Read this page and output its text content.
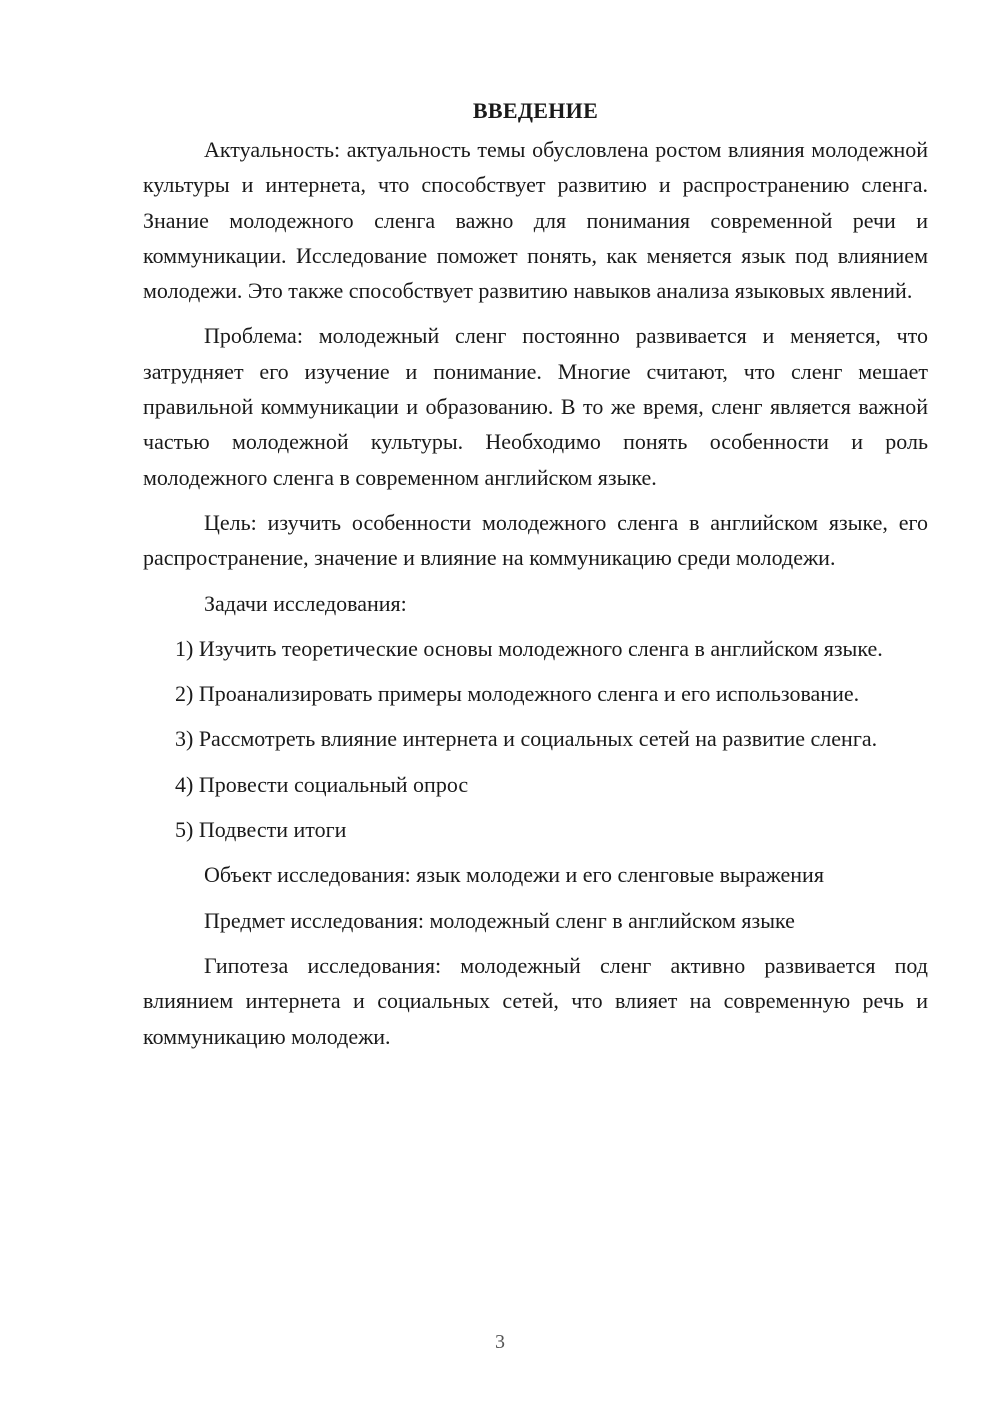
ВВЕДЕНИЕ

Актуальность: актуальность темы обусловлена ростом влияния молодежной культуры и интернета, что способствует развитию и распространению сленга. Знание молодежного сленга важно для понимания современной речи и коммуникации. Исследование поможет понять, как меняется язык под влиянием молодежи. Это также способствует развитию навыков анализа языковых явлений.

Проблема: молодежный сленг постоянно развивается и меняется, что затрудняет его изучение и понимание. Многие считают, что сленг мешает правильной коммуникации и образованию. В то же время, сленг является важной частью молодежной культуры. Необходимо понять особенности и роль молодежного сленга в современном английском языке.

Цель: изучить особенности молодежного сленга в английском языке, его распространение, значение и влияние на коммуникацию среди молодежи.

Задачи исследования:

1) Изучить теоретические основы молодежного сленга в английском языке.

2) Проанализировать примеры молодежного сленга и его использование.

3) Рассмотреть влияние интернета и социальных сетей на развитие сленга.

4) Провести социальный опрос

5) Подвести итоги

Объект исследования: язык молодежи и его сленговые выражения

Предмет исследования: молодежный сленг в английском языке

Гипотеза исследования: молодежный сленг активно развивается под влиянием интернета и социальных сетей, что влияет на современную речь и коммуникацию молодежи.

3
